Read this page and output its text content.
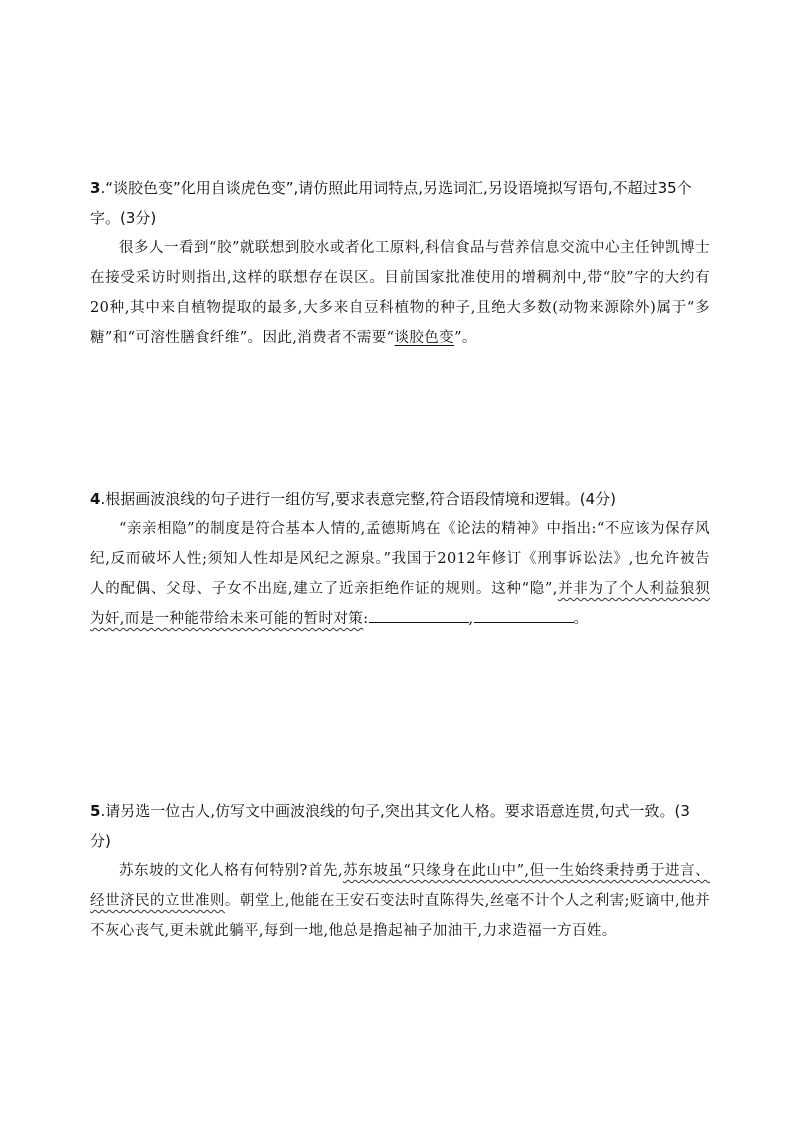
3.“谈胶色变”化用自谈虎色变”,请仿照此用词特点,另选词汇,另设语境拟写语句,不超过35个字。(3分)
很多人一看到“胶”就联想到胶水或者化工原料,科信食品与营养信息交流中心主任钟凯博士在接受采访时则指出,这样的联想存在误区。目前国家批准使用的增稠剂中,带“胶”字的大约有20种,其中来自植物提取的最多,大多来自豆科植物的种子,且绝大多数(动物来源除外)属于“多糖”和“可溶性膳食纤维”。因此,消费者不需要“谈胶色变”。
4.根据画波浪线的句子进行一组仿写,要求表意完整,符合语段情境和逻辑。(4分)
“亲亲相隐”的制度是符合基本人情的,孟德斯鸠在《论法的精神》中指出:“不应该为保存风纪,反而破坏人性;须知人性却是风纪之源泉。”我国于2012年修订《刑事诉讼法》,也允许被告人的配偶、父母、子女不出庭,建立了近亲拒绝作证的规则。这种“隐”,并非为了个人利益狼狈为奸,而是一种能带给未来可能的暂时对策:	,	。
5.请另选一位古人,仿写文中画波浪线的句子,突出其文化人格。要求语意连贯,句式一致。(3分)
苏东坡的文化人格有何特别?首先,苏东坡虽“只缘身在此山中”,但一生始终秉持勇于进言、经世济民的立世准则。朝堂上,他能在王安石变法时直陈得失,丝毫不计个人之利害;贬谪中,他并不灰心丧气,更未就此躺平,每到一地,他总是撸起袖子加油干,力求造福一方百姓。
